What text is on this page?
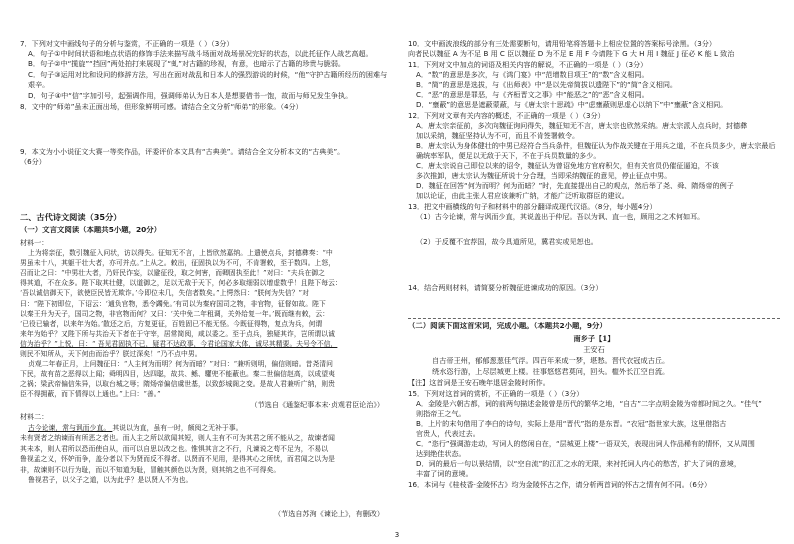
7．下列对文中画线句子的分析与鉴赏，不正确的一项是（ ）（3分）
A．句子①中时间状语和地点状语的修饰手法来描写战斗场面对战场景况完好的状态，以此托征作人战艺高超。
B．句子②中“揽旋”“挡回”两处拍打来展现了“虬”对古籍的珍视，有意，也暗示了古籍的珍贵与脆弱。
C．句子③运用对比和设问的修辞方法，写出在面对战乱和日本人的强烈游说的时候，“他”守护古籍所经历的困难与
艰辛。
D．句子④中“信”字加引号，起强调作用，强调师弟认为日本人是想要借书一饱，故而与师兄发生争执。
8．文中的“师弟”虽未正面出场，但形象鲜明可感。请结合全文分析“师弟”的形象。（4分）
9．本文为小小说征文大赛一等奖作品，评委评价本文具有“古典美”。请结合全文分析本文的“古典美”。
（6分）
二、古代诗文阅读（35分）
（一）文言文阅读（本题共5小题，20分）
材料一：
（节选自《通鉴纪事本末·贞观君臣论治》）
材料二：
古今论谏，常与讽而少直。 其说以为直，虽有一时，颇阅之无补于事。
（节选自苏洵《谏论上》，有删改）
上为将亲征，数引魏征入问状，访以得失。征知无不言，上皆欣然嘉纳。上遣使点兵，封德彝奏：“中
男虽未十八，其躯干壮大者，亦可并点。”上从之。敕出，征固执以为不可，不肯署敕，至于数四。上怒，
召而让之曰：“中男壮大者，乃奸民诈妄，以避征役，取之何害，而卿固执至此！”对曰：“夫兵在御之
得其道，不在众多。陛下取其壮健，以道御之，足以无敌于天下，何必多取细弱以增虚数乎！且陛下每云：
‘吾以诚信御天下，欲使臣民皆无欺诈。’今即位未几，失信者数矣。”上愕然曰：“朕何为失信？”对
曰：“陛下初即位，下诏云：‘逋负官物，悉令蠲免。’有司以为秦府国司之物，非官物，征督如故。陛下
以秦王升为天子，国司之物，非官物而何？又曰：‘关中免二年租调，关外给复一年。’既而继有敕，云：
‘已役已输者，以来年为始。’散还之后，方复更征，百姓固已不能无怪。今既征得物，复点为兵，何谓
来年为始乎？又陛下所与共治天下者在于守宰，居常简阅，咸以委之。至于点兵，独疑其诈，岂所谓以诚
信为治乎？”上悦，曰：“ 吾见君固执不已，疑君不达政事，今君论国家大体，诚尽其精要。夫号令不信，
则民不知所从，天下何由而治乎？朕过深矣！”乃不点中男。
贞观二年春正月，上问魏征曰：“人主何为而明？何为而暗？”对曰：“兼听则明，偏信则暗。昔尧清问
下民，故有苗之恶得以上闻；舜明四目，达四聪，故共、鲧、驩兜不能蔽也。秦二世偏信赵高，以成望夷
之祸；梁武帝偏信朱异，以取台城之辱；隋炀帝偏信虞世基，以致彭城阁之变。是故人君兼听广纳，则贵
臣不得拥蔽，而下情得以上通也。”上曰：“善。”
未有贤者之纳谏而有所恶之者也。而人主之所以欲闻其短，则人主有不可为其君之所不能从之，故谏者闻
其未本，则人君所以恐而使自从，而可以自思以改之也。惟惧其言之不行，凡谏说之苟不足为，不易以
鲁视孟之义，怀妒而争，盖分者以下为贤而反不得者。以贤而不见用，是得其心之所忧，而君闻之以为是
非，故谏则不以行为耻，而以不知道为耻，冒触其颜色以为贤，则其纳之也不可得矣。
鲁视君子，以父子之道，以为此乎？是以贤人不为也。
10．文中画波浪线的部分有三处需要断句，请用铅笔将答题卡上相应位置的答案标号涂黑。（3分）
向者民以魏征 A 为不足 B 用 C 臣以魏征 D 为不足 E 用 F 今请陛下 G 大 H 用 I 魏征 J 征必 K 能 L 致治
11．下列对文中加点的词语及相关内容的解说，不正确的一项是（ ）（3分）
A．“数”的意思是多次，与《鸿门宴》中“范增数目项王”的“数”含义相同。
B．“简”的意思是选拔，与《出师表》中“是以先帝简拔以遗陛下”的“简”含义相同。
C．“恶”的意思是罪恶，与《齐桓晋文之事》中“能恶之”的“恶”含义相同。
D．“壅蔽”的意思是遮蔽蒙蔽，与《唐太宗十思疏》中“虑壅蔽则思虚心以纳下”中“壅蔽”含义相同。
12．下列对文章有关内容的概述，不正确的一项是（ ）（3分）
A．唐太宗亲征前，多次向魏征询问得失，魏征知无不言，唐太宗也欣然采纳。唐太宗派人点兵时，封德彝
加以采纳，魏征坚持认为不可，而且不肯签署敕令。
B．唐太宗认为身体健壮的中男已经符合当兵条件，但魏征认为作战关键在于用兵之道，不在兵员多少，唐太宗最后
确统率军队，便足以无敌于天下，不在于兵员数量的多少。
C．唐太宗说自己即位以来的诏令，魏征认为曾诏免地方官府积欠，但有关官员仍催征逼迫，不该
多次推卸，唐太宗认为魏征所说十分合理，当即采纳魏征的意见，停止征点中男。
D．魏征在回答“何为而明？何为而暗？”时，先直接提出自己的观点，然后举了尧、舜、隋炀帝的例子
加以论证，由此主张人君应该兼听广纳，才能广泛听取群臣的建议。
13．把文中画横线的句子和材料中的部分翻译成现代汉语。（8分，每小题4分）
（1）古今论谏，常与讽而少直，其说盖出于仲尼。吾以为讽、直一也，顾用之之术何如耳。
（2）于反覆不宜荐国，故今具道所见，冀君实或见恕也。
14．结合两则材料，请简要分析魏征进谏成功的原因。（3分）
（二）阅读下面这首宋词，完成小题。（本题共2小题，9分）
南乡子【1】
王安石
自古帝王州，郁郁葱葱佳气浮。四百年来成一梦，堪愁。晋代衣冠成古丘。
绕水恣行游，上尽层城更上楼。往事悠悠君莫问，回头。槛外长江空自流。
【注】这首词是王安石晚年退居金陵时所作。
15．下列对这首词的赏析，不正确的一项是（ ）（3分）
A．金陵是六朝古都，词的前两句描述金陵曾是历代的繁华之地，“自古”二字点明金陵为帝都时间之久。“佳气”
则指帝王之气。
B．上片的末句借用了李白的诗句，实际上是用“晋代”指的是东晋。“衣冠”指世家大族，这里借指古
官贵人，代表过去。
C．“恣行”强调游走动，写词人的悠闲自在，“层城更上楼”一语双关，表现出词人作品稀有的情怀，又从周围
达到绝佳状态。
D．词的最后一句以景结情，以“空自流”的江汇之水的无限，来衬托词人内心的愁苦，扩大了词的意境，
丰富了词的意境。
16．本词与《桂枝香·金陵怀古》均为金陵怀古之作，请分析两首词的怀古之情有何不同。（6分）
3
